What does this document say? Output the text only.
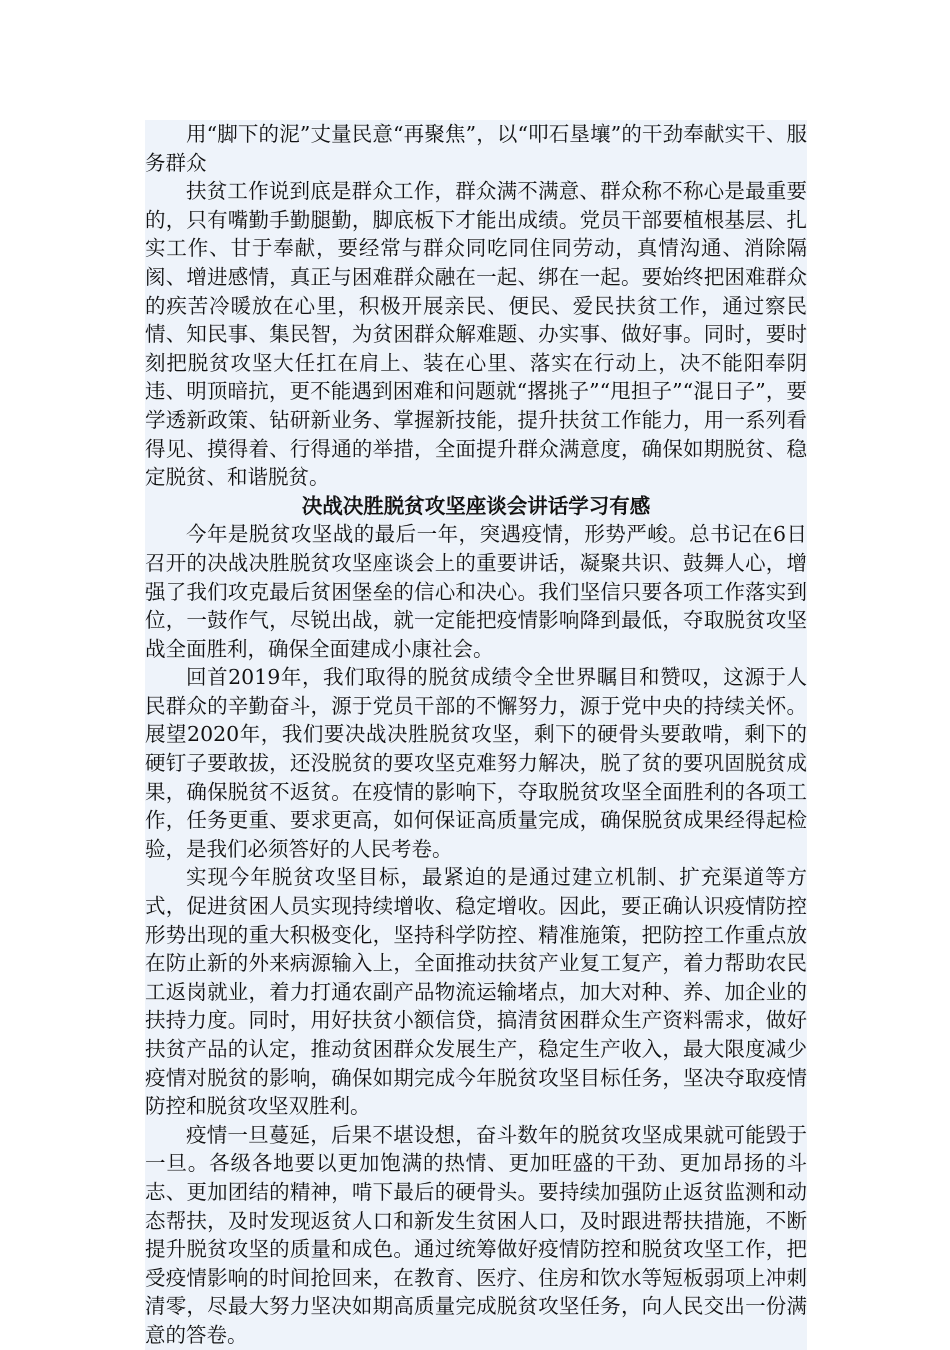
用“脚下的泥”丈量民意“再聚焦”，以“叩石垦壤”的干劲奉献实干、服务群众

扶贫工作说到底是群众工作，群众满不满意、群众称不称心是最重要的，只有嘴勤手勤腿勤，脚底板下才能出成绩。党员干部要植根基层、扎实工作、甘于奉献，要经常与群众同吃同住同劳动，真情沟通、消除隔阂、增进感情，真正与困难群众融在一起、绑在一起。要始终把困难群众的疾苦冷暖放在心里，积极开展亲民、便民、爱民扶贫工作，通过察民情、知民事、集民智，为贫困群众解难题、办实事、做好事。同时，要时刻把脱贫攻坚大任扛在肩上、装在心里、落实在行动上，决不能阳奉阴违、明顶暗抗，更不能遇到困难和问题就“撂挑子”“甩担子”“混日子”，要学透新政策、钻研新业务、掌握新技能，提升扶贫工作能力，用一系列看得见、摸得着、行得通的举措，全面提升群众满意度，确保如期脱贫、稳定脱贫、和谐脱贫。

决战决胜脱贫攻坚座谈会讲话学习有感

今年是脱贫攻坚战的最后一年，突遇疫情，形势严峻。总书记在6日召开的决战决胜脱贫攻坚座谈会上的重要讲话，凝聚共识、鼓舞人心，增强了我们攻克最后贫困堡垒的信心和决心。我们坚信只要各项工作落实到位，一鼓作气，尽锐出战，就一定能把疫情影响降到最低，夺取脱贫攻坚战全面胜利，确保全面建成小康社会。

回首2019年，我们取得的脱贫成绩令全世界瞩目和赞叹，这源于人民群众的辛勤奋斗，源于党员干部的不懈努力，源于党中央的持续关怀。展望2020年，我们要决战决胜脱贫攻坚，剩下的硬骨头要敢啃，剩下的硬钉子要敢拔，还没脱贫的要攻坚克难努力解决，脱了贫的要巩固脱贫成果，确保脱贫不返贫。在疫情的影响下，夺取脱贫攻坚全面胜利的各项工作，任务更重、要求更高，如何保证高质量完成，确保脱贫成果经得起检验，是我们必须答好的人民考卷。

实现今年脱贫攻坚目标，最紧迫的是通过建立机制、扩充渠道等方式，促进贫困人员实现持续增收、稳定增收。因此，要正确认识疫情防控形势出现的重大积极变化，坚持科学防控、精准施策，把防控工作重点放在防止新的外来病源输入上，全面推动扶贫产业复工复产，着力帮助农民工返岗就业，着力打通农副产品物流运输堵点，加大对种、养、加企业的扶持力度。同时，用好扶贫小额信贷，搞清贫困群众生产资料需求，做好扶贫产品的认定，推动贫困群众发展生产，稳定生产收入，最大限度减少疫情对脱贫的影响，确保如期完成今年脱贫攻坚目标任务，坚决夺取疫情防控和脱贫攻坚双胜利。

疫情一旦蔓延，后果不堪设想，奋斗数年的脱贫攻坚成果就可能毁于一旦。各级各地要以更加饱满的热情、更加旺盛的干劲、更加昂扬的斗志、更加团结的精神，啃下最后的硬骨头。要持续加强防止返贫监测和动态帮扶，及时发现返贫人口和新发生贫困人口，及时跟进帮扶措施，不断提升脱贫攻坚的质量和成色。通过统筹做好疫情防控和脱贫攻坚工作，把受疫情影响的时间抢回来，在教育、医疗、住房和饮水等短板弱项上冲刺清零，尽最大努力坚决如期高质量完成脱贫攻坚任务，向人民交出一份满意的答卷。
